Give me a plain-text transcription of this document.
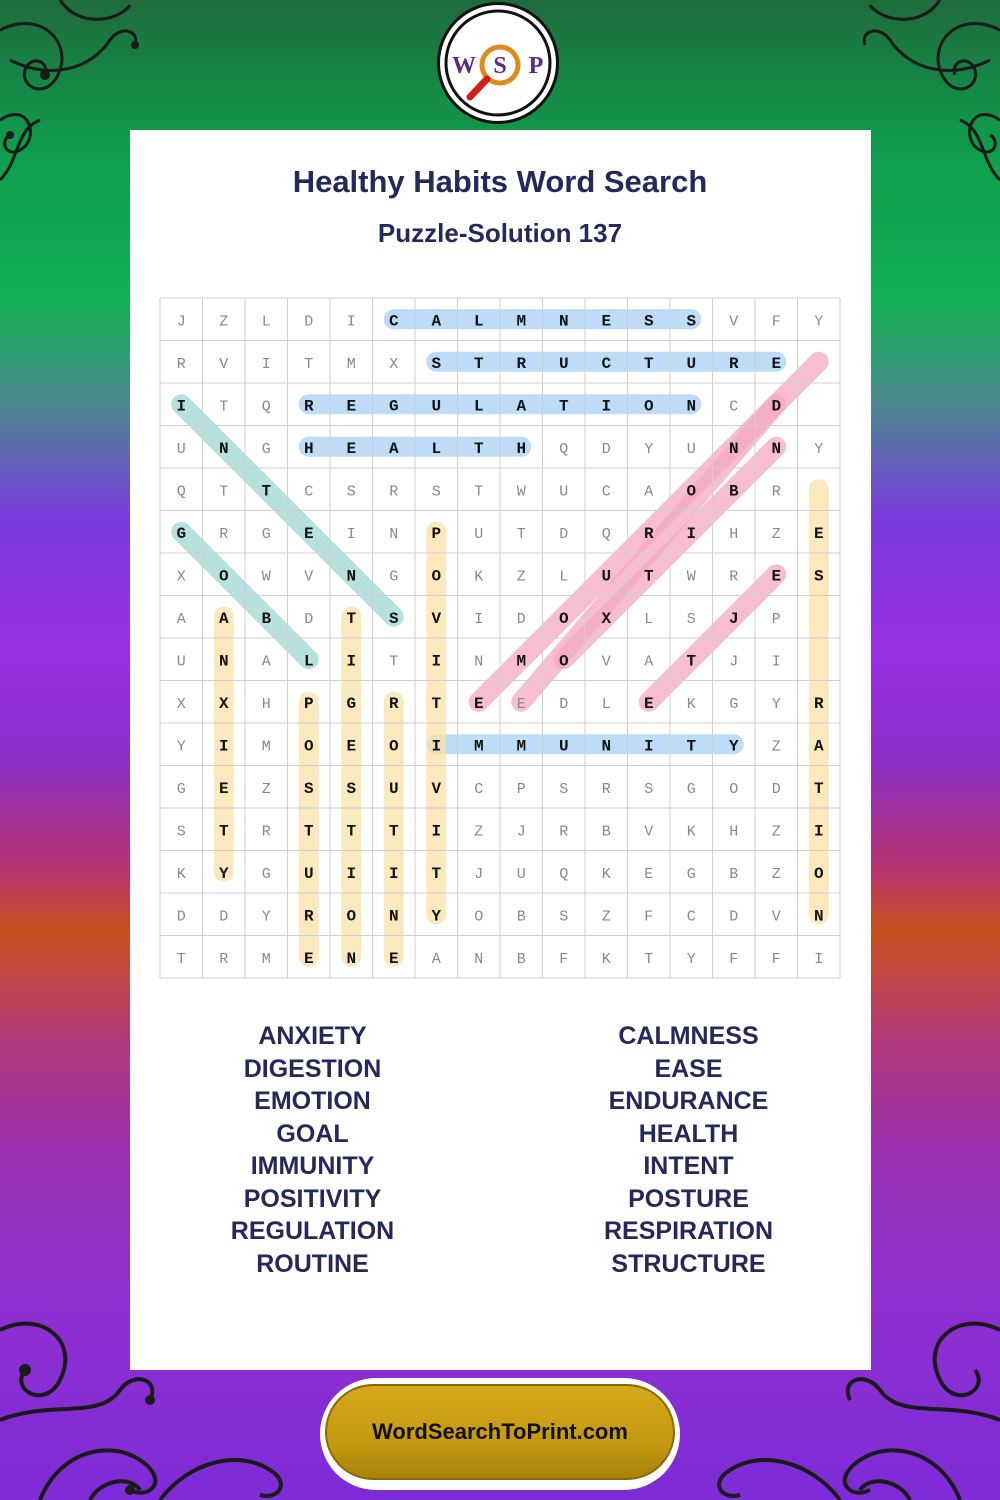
W S P
Healthy Habits Word Search
Puzzle-Solution 137
J Z L D I C A L M N E S S V F Y
R V I T M X S T R U C T U R E
I T Q R E G U L A T I O N C D
U N G H E A L T H Q D Y U N N Y
Q T T C S R S T W U C A O B R
G R G E I N P U T D Q R I H Z E
X O W V N G O K Z L U T W R E S
A A B D T S V I D O X L S J P
U N A L I T I N M O V A T J I
X X H P G R T E E D L E K G Y R
Y I M O E O I M M U N I T Y Z A
G E Z S S U V C P S R S G O D T
S T R T T T I Z J R B V K H Z I
K Y G U I I T J U Q K E G B Z O
D D Y R O N Y O B S Z F C D V N
T R M E N E A N B F K T Y F F I
ANXIETY
DIGESTION
EMOTION
GOAL
IMMUNITY
POSITIVITY
REGULATION
ROUTINE
CALMNESS
EASE
ENDURANCE
HEALTH
INTENT
POSTURE
RESPIRATION
STRUCTURE
WordSearchToPrint.com
